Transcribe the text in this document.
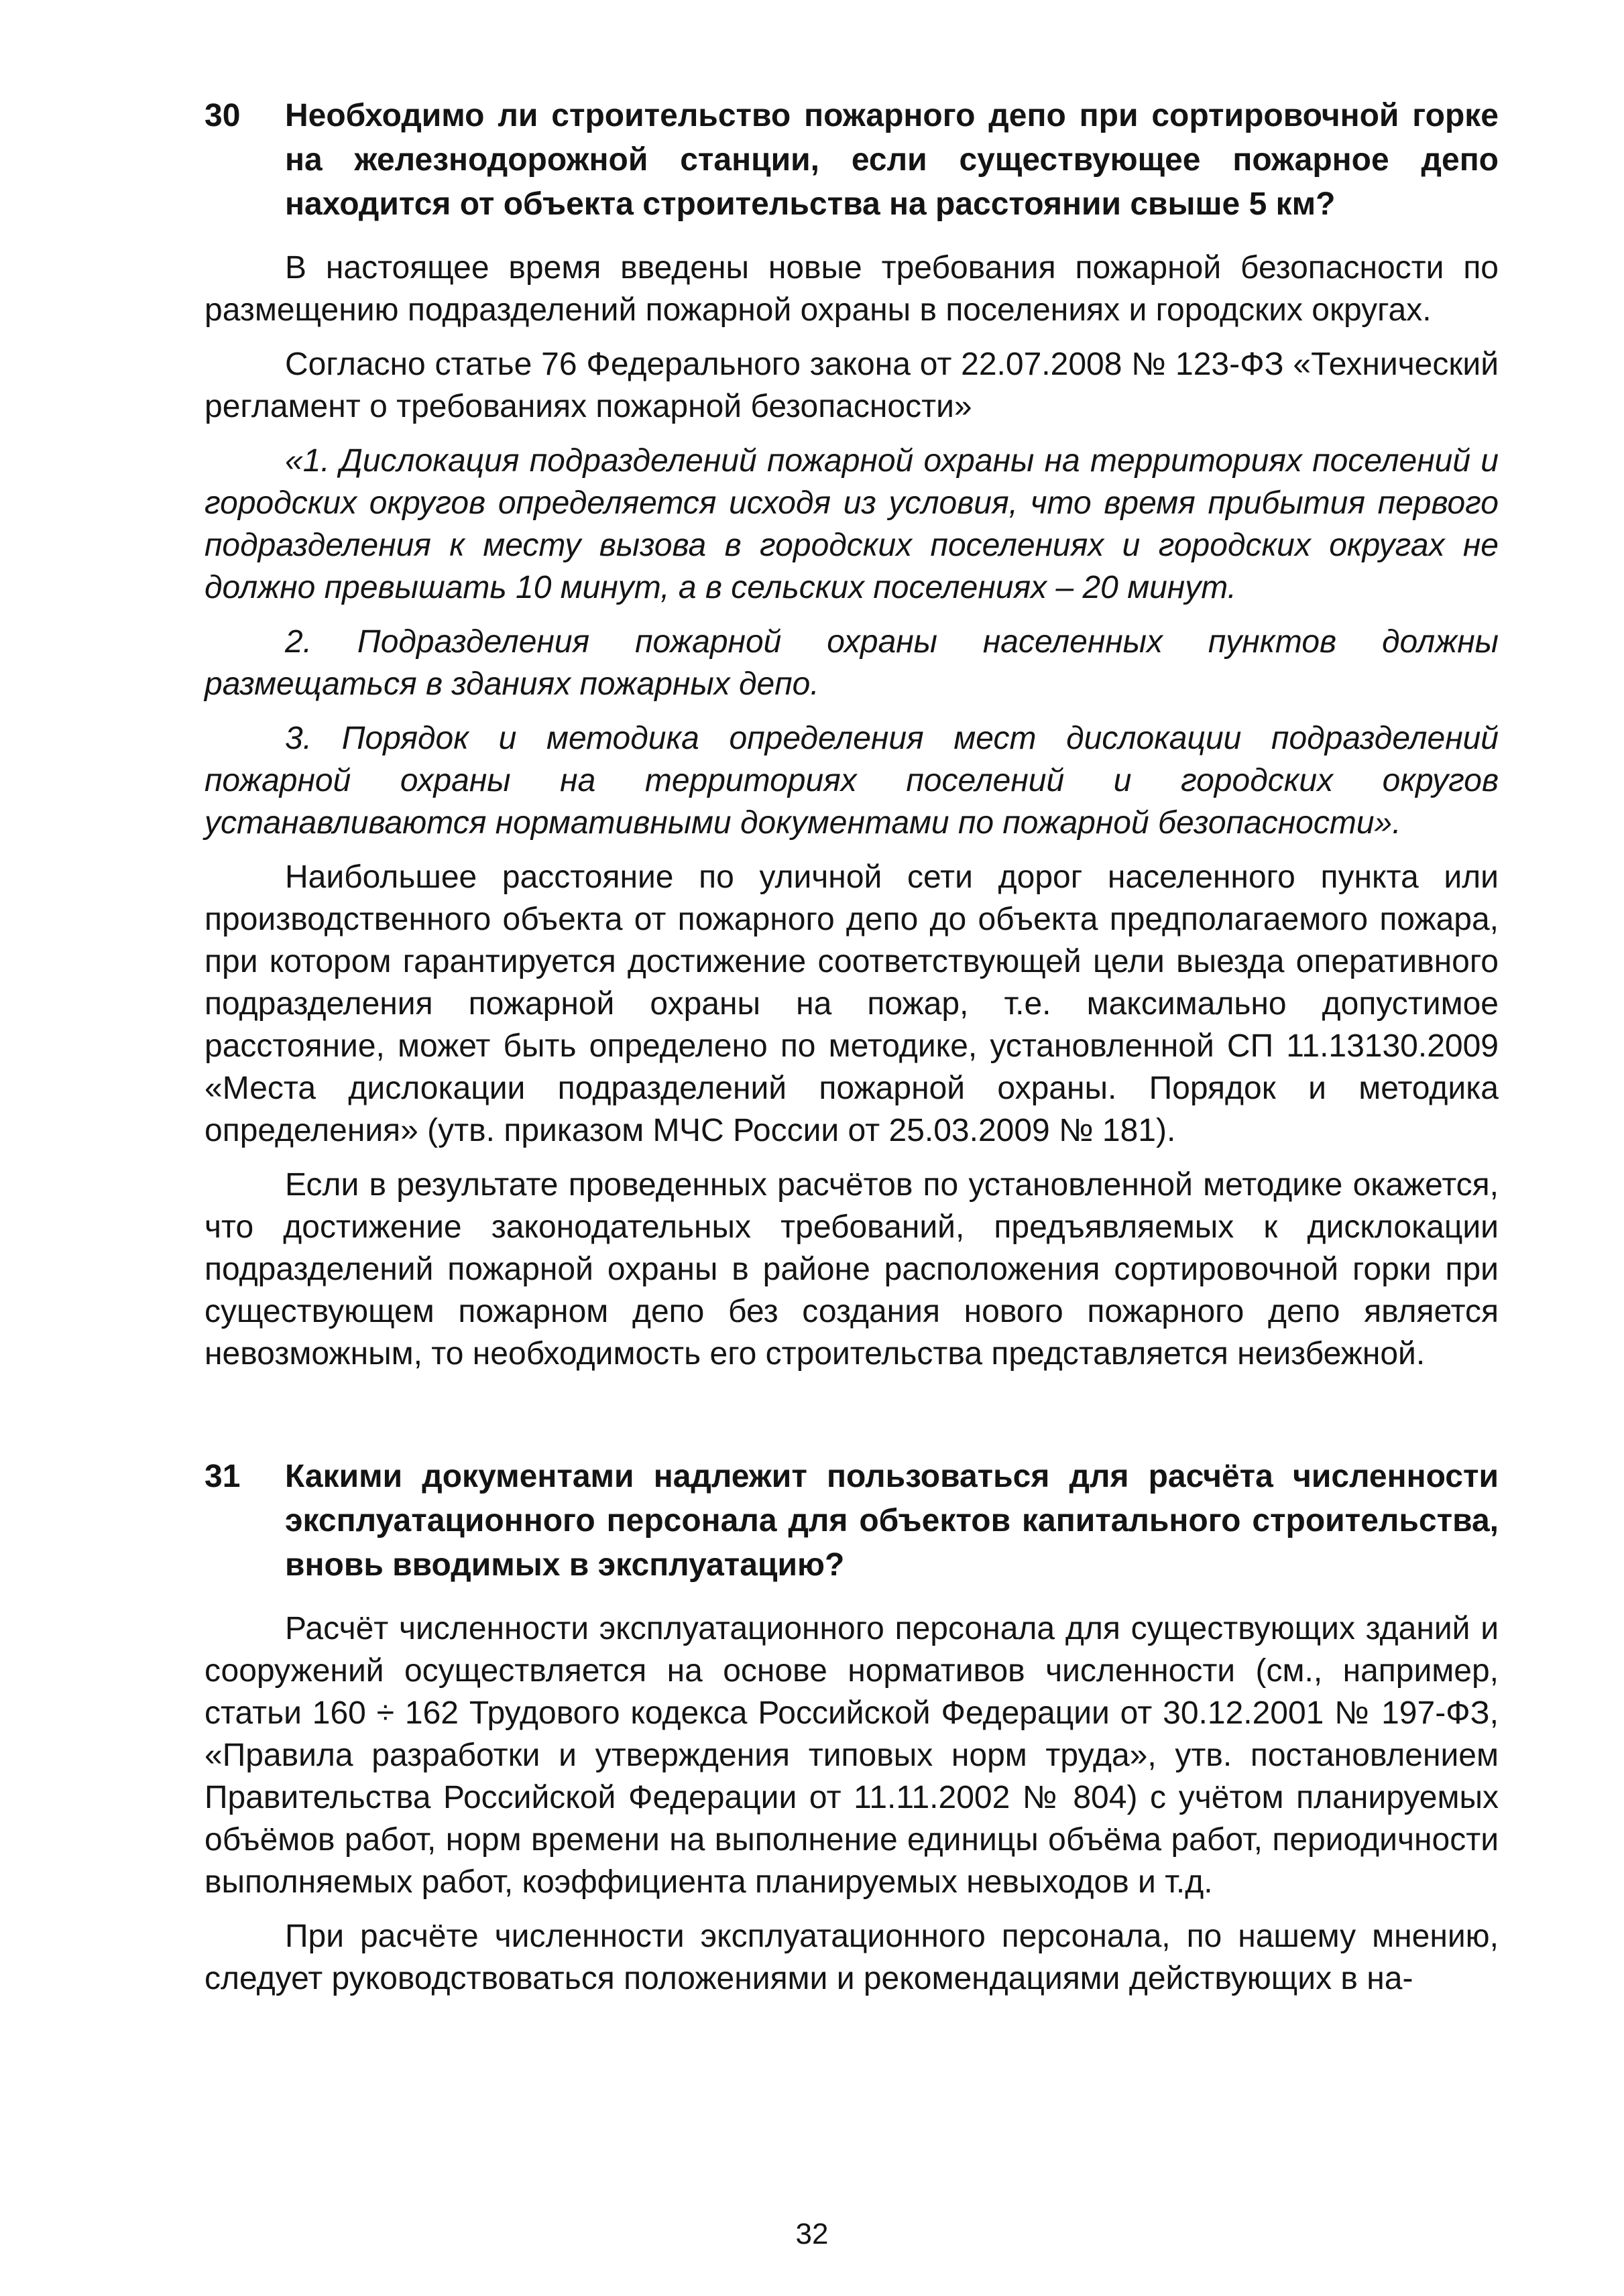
30 Необходимо ли строительство пожарного депо при сортировочной горке на железнодорожной станции, если существующее пожарное депо находится от объекта строительства на расстоянии свыше 5 км?

В настоящее время введены новые требования пожарной безопасности по размещению подразделений пожарной охраны в поселениях и городских округах.

Согласно статье 76 Федерального закона от 22.07.2008 № 123-ФЗ «Технический регламент о требованиях пожарной безопасности»

«1. Дислокация подразделений пожарной охраны на территориях поселений и городских округов определяется исходя из условия, что время прибытия первого подразделения к месту вызова в городских поселениях и городских округах не должно превышать 10 минут, а в сельских поселениях – 20 минут.

2. Подразделения пожарной охраны населенных пунктов должны размещаться в зданиях пожарных депо.

3. Порядок и методика определения мест дислокации подразделений пожарной охраны на территориях поселений и городских округов устанавливаются нормативными документами по пожарной безопасности».

Наибольшее расстояние по уличной сети дорог населенного пункта или производственного объекта от пожарного депо до объекта предполагаемого пожара, при котором гарантируется достижение соответствующей цели выезда оперативного подразделения пожарной охраны на пожар, т.е. максимально допустимое расстояние, может быть определено по методике, установленной СП 11.13130.2009 «Места дислокации подразделений пожарной охраны. Порядок и методика определения» (утв. приказом МЧС России от 25.03.2009 № 181).

Если в результате проведенных расчётов по установленной методике окажется, что достижение законодательных требований, предъявляемых к дисклокации подразделений пожарной охраны в районе расположения сортировочной горки при существующем пожарном депо без создания нового пожарного депо является невозможным, то необходимость его строительства представляется неизбежной.

31 Какими документами надлежит пользоваться для расчёта численности эксплуатационного персонала для объектов капитального строительства, вновь вводимых в эксплуатацию?

Расчёт численности эксплуатационного персонала для существующих зданий и сооружений осуществляется на основе нормативов численности (см., например, статьи 160 ÷ 162 Трудового кодекса Российской Федерации от 30.12.2001 № 197-ФЗ, «Правила разработки и утверждения типовых норм труда», утв. постановлением Правительства Российской Федерации от 11.11.2002 № 804) с учётом планируемых объёмов работ, норм времени на выполнение единицы объёма работ, периодичности выполняемых работ, коэффициента планируемых невыходов и т.д.

При расчёте численности эксплуатационного персонала, по нашему мнению, следует руководствоваться положениями и рекомендациями действующих в на-

32
